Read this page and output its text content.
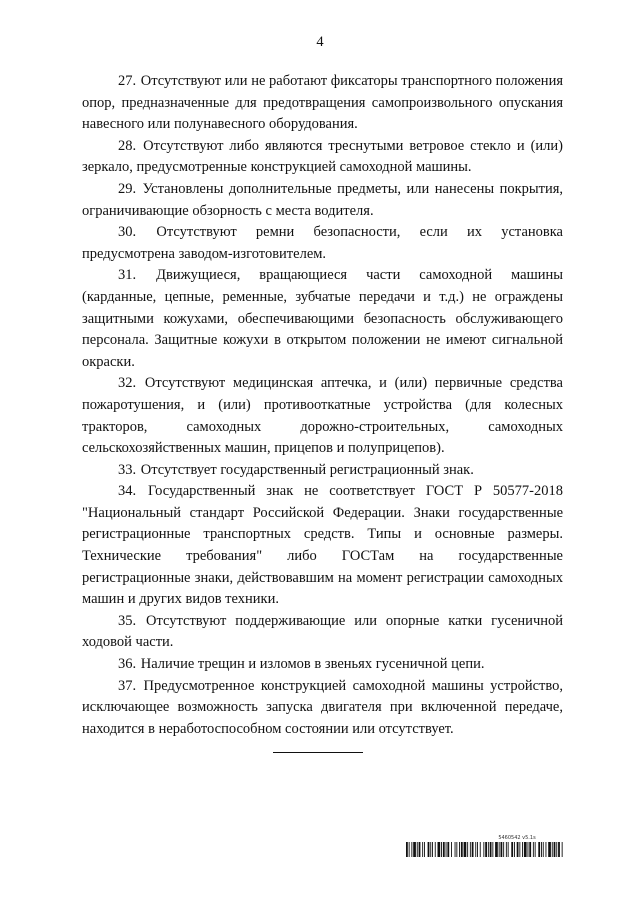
4

27. Отсутствуют или не работают фиксаторы транспортного положения опор, предназначенные для предотвращения самопроизвольного опускания навесного или полунавесного оборудования.

28. Отсутствуют либо являются треснутыми ветровое стекло и (или) зеркало, предусмотренные конструкцией самоходной машины.

29. Установлены дополнительные предметы, или нанесены покрытия, ограничивающие обзорность с места водителя.

30. Отсутствуют ремни безопасности, если их установка предусмотрена заводом-изготовителем.

31. Движущиеся, вращающиеся части самоходной машины (карданные, цепные, ременные, зубчатые передачи и т.д.) не ограждены защитными кожухами, обеспечивающими безопасность обслуживающего персонала. Защитные кожухи в открытом положении не имеют сигнальной окраски.

32. Отсутствуют медицинская аптечка, и (или) первичные средства пожаротушения, и (или) противооткатные устройства (для колесных тракторов, самоходных дорожно-строительных, самоходных сельскохозяйственных машин, прицепов и полуприцепов).

33. Отсутствует государственный регистрационный знак.

34. Государственный знак не соответствует ГОСТ Р 50577-2018 "Национальный стандарт Российской Федерации. Знаки государственные регистрационные транспортных средств. Типы и основные размеры. Технические требования" либо ГОСТам на государственные регистрационные знаки, действовавшим на момент регистрации самоходных машин и других видов техники.

35. Отсутствуют поддерживающие или опорные катки гусеничной ходовой части.

36. Наличие трещин и изломов в звеньях гусеничной цепи.

37. Предусмотренное конструкцией самоходной машины устройство, исключающее возможность запуска двигателя при включенной передаче, находится в неработоспособном состоянии или отсутствует.

5460542 v5.1s
